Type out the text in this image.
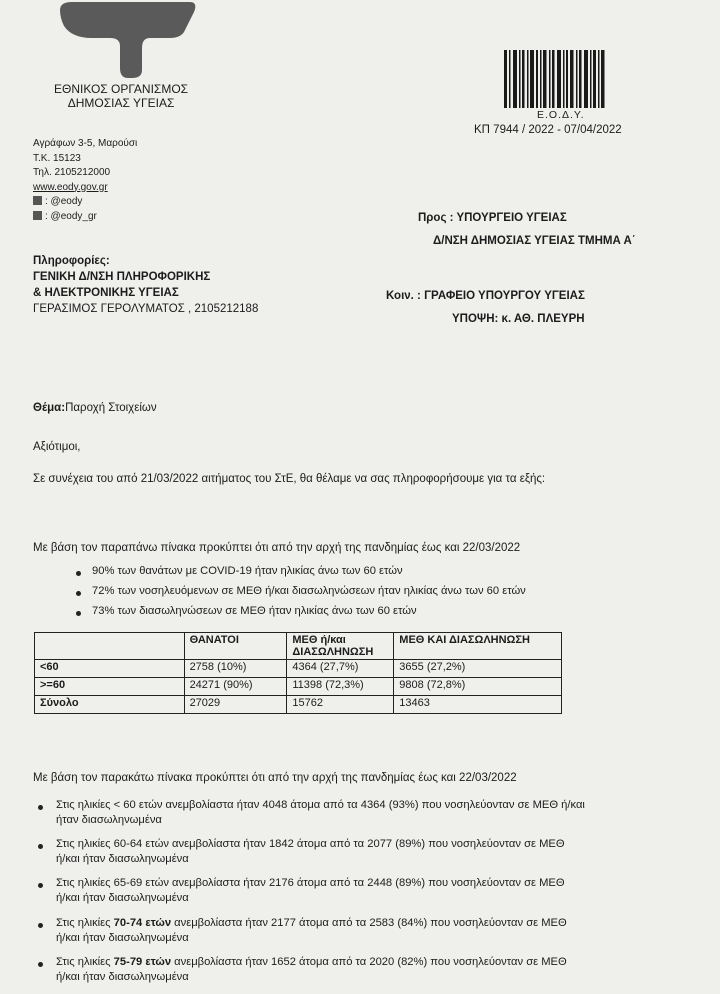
ΕΘΝΙΚΟΣ ΟΡΓΑΝΙΣΜΟΣ
ΔΗΜΟΣΙΑΣ ΥΓΕΙΑΣ
Αγράφων 3-5, Μαρούσι
Τ.Κ. 15123
Τηλ. 2105212000
www.eody.gov.gr
: @eody
: @eody_gr
Ε.Ο.Δ.Υ.
ΚΠ 7944 / 2022 - 07/04/2022
Προς : ΥΠΟΥΡΓΕΙΟ ΥΓΕΙΑΣ
Δ/ΝΣΗ ΔΗΜΟΣΙΑΣ ΥΓΕΙΑΣ ΤΜΗΜΑ Α΄
Κοιν. : ΓΡΑΦΕΙΟ ΥΠΟΥΡΓΟΥ ΥΓΕΙΑΣ
ΥΠΟΨΗ: κ. ΑΘ. ΠΛΕΥΡΗ
Πληροφορίες:
ΓΕΝΙΚΗ Δ/ΝΣΗ ΠΛΗΡΟΦΟΡΙΚΗΣ
& ΗΛΕΚΤΡΟΝΙΚΗΣ ΥΓΕΙΑΣ
ΓΕΡΑΣΙΜΟΣ ΓΕΡΟΛΥΜΑΤΟΣ , 2105212188
Θέμα:Παροχή Στοιχείων
Αξιότιμοι,
Σε συνέχεια του από 21/03/2022 αιτήματος του ΣτΕ, θα θέλαμε να σας πληροφορήσουμε για τα εξής:
Με βάση τον παραπάνω πίνακα προκύπτει ότι από την αρχή της πανδημίας έως και 22/03/2022
90% των θανάτων με COVID-19 ήταν ηλικίας άνω των 60 ετών
72% των νοσηλευόμενων σε ΜΕΘ ή/και διασωληνώσεων ήταν ηλικίας άνω των 60 ετών
73% των διασωληνώσεων σε ΜΕΘ ήταν ηλικίας άνω των 60 ετών
	ΘΑΝΑΤΟΙ	ΜΕΘ ή/και ΔΙΑΣΩΛΗΝΩΣΗ	ΜΕΘ ΚΑΙ ΔΙΑΣΩΛΗΝΩΣΗ
<60	2758 (10%)	4364 (27,7%)	3655 (27,2%)
>=60	24271 (90%)	11398 (72,3%)	9808 (72,8%)
Σύνολο	27029	15762	13463
Με βάση τον παρακάτω πίνακα προκύπτει ότι από την αρχή της πανδημίας έως και 22/03/2022
Στις ηλικίες < 60 ετών ανεμβολίαστα ήταν 4048 άτομα από τα 4364 (93%) που νοσηλεύονταν σε ΜΕΘ ή/και
ήταν διασωληνωμένα
Στις ηλικίες 60-64 ετών ανεμβολίαστα ήταν 1842 άτομα από τα 2077 (89%) που νοσηλεύονταν σε ΜΕΘ
ή/και ήταν διασωληνωμένα
Στις ηλικίες 65-69 ετών ανεμβολίαστα ήταν 2176 άτομα από τα 2448 (89%) που νοσηλεύονταν σε ΜΕΘ
ή/και ήταν διασωληνωμένα
Στις ηλικίες 70-74 ετών ανεμβολίαστα ήταν 2177 άτομα από τα 2583 (84%) που νοσηλεύονταν σε ΜΕΘ
ή/και ήταν διασωληνωμένα
Στις ηλικίες 75-79 ετών ανεμβολίαστα ήταν 1652 άτομα από τα 2020 (82%) που νοσηλεύονταν σε ΜΕΘ
ή/και ήταν διασωληνωμένα
